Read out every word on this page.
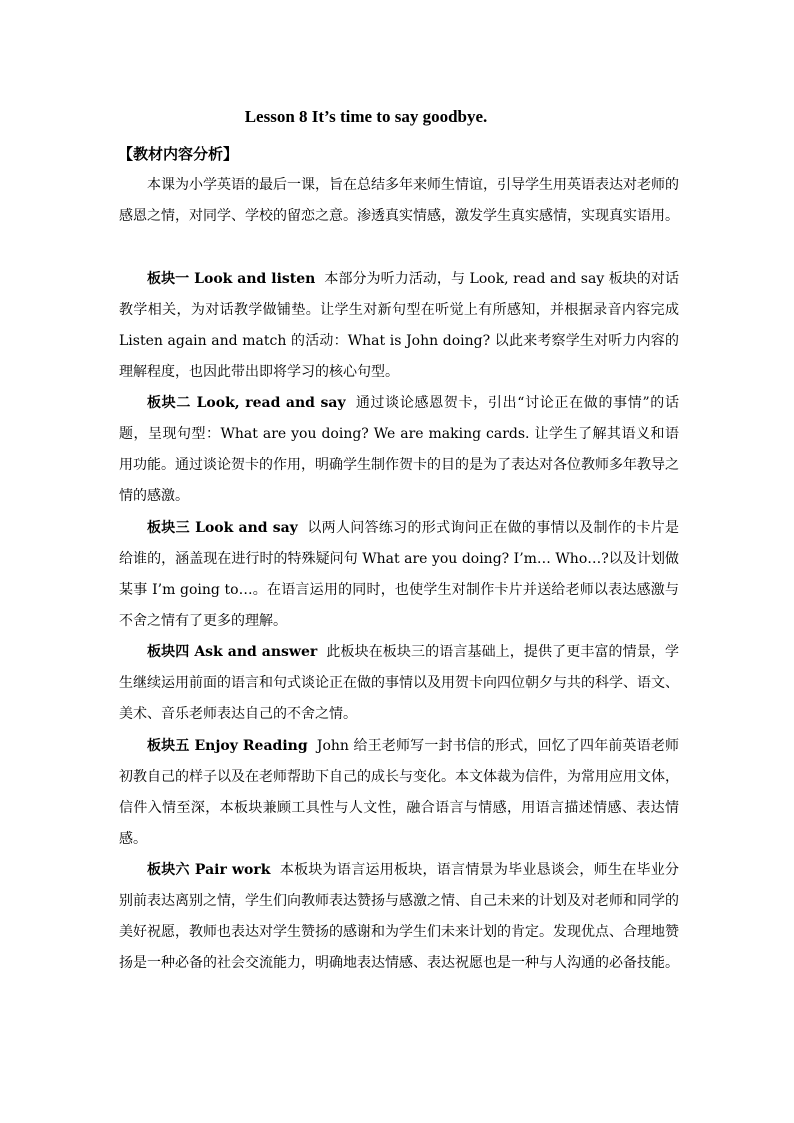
Lesson 8 It’s time to say goodbye.
【教材内容分析】

本课为小学英语的最后一课，旨在总结多年来师生情谊，引导学生用英语表达对老师的感恩之情，对同学、学校的留恋之意。渗透真实情感，激发学生真实感情，实现真实语用。

板块一 Look and listen 本部分为听力活动，与 Look, read and say 板块的对话教学相关，为对话教学做铺垫。让学生对新句型在听觉上有所感知，并根据录音内容完成 Listen again and match 的活动：What is John doing? 以此来考察学生对听力内容的理解程度，也因此带出即将学习的核心句型。

板块二 Look, read and say 通过谈论感恩贺卡，引出“讨论正在做的事情”的话题，呈现句型：What are you doing? We are making cards. 让学生了解其语义和语用功能。通过谈论贺卡的作用，明确学生制作贺卡的目的是为了表达对各位教师多年教导之情的感激。

板块三 Look and say 以两人问答练习的形式询问正在做的事情以及制作的卡片是给谁的，涵盖现在进行时的特殊疑问句 What are you doing? I’m… Who…?以及计划做某事 I’m going to…。在语言运用的同时，也使学生对制作卡片并送给老师以表达感激与不舍之情有了更多的理解。

板块四 Ask and answer 此板块在板块三的语言基础上，提供了更丰富的情景，学生继续运用前面的语言和句式谈论正在做的事情以及用贺卡向四位朝夕与共的科学、语文、美术、音乐老师表达自己的不舍之情。

板块五 Enjoy Reading John 给王老师写一封书信的形式，回忆了四年前英语老师初教自己的样子以及在老师帮助下自己的成长与变化。本文体裁为信件，为常用应用文体，信件入情至深，本板块兼顾工具性与人文性，融合语言与情感，用语言描述情感、表达情感。

板块六 Pair work 本板块为语言运用板块，语言情景为毕业恳谈会，师生在毕业分别前表达离别之情，学生们向教师表达赞扬与感激之情、自己未来的计划及对老师和同学的美好祝愿，教师也表达对学生赞扬的感谢和为学生们未来计划的肯定。发现优点、合理地赞扬是一种必备的社会交流能力，明确地表达情感、表达祝愿也是一种与人沟通的必备技能。
